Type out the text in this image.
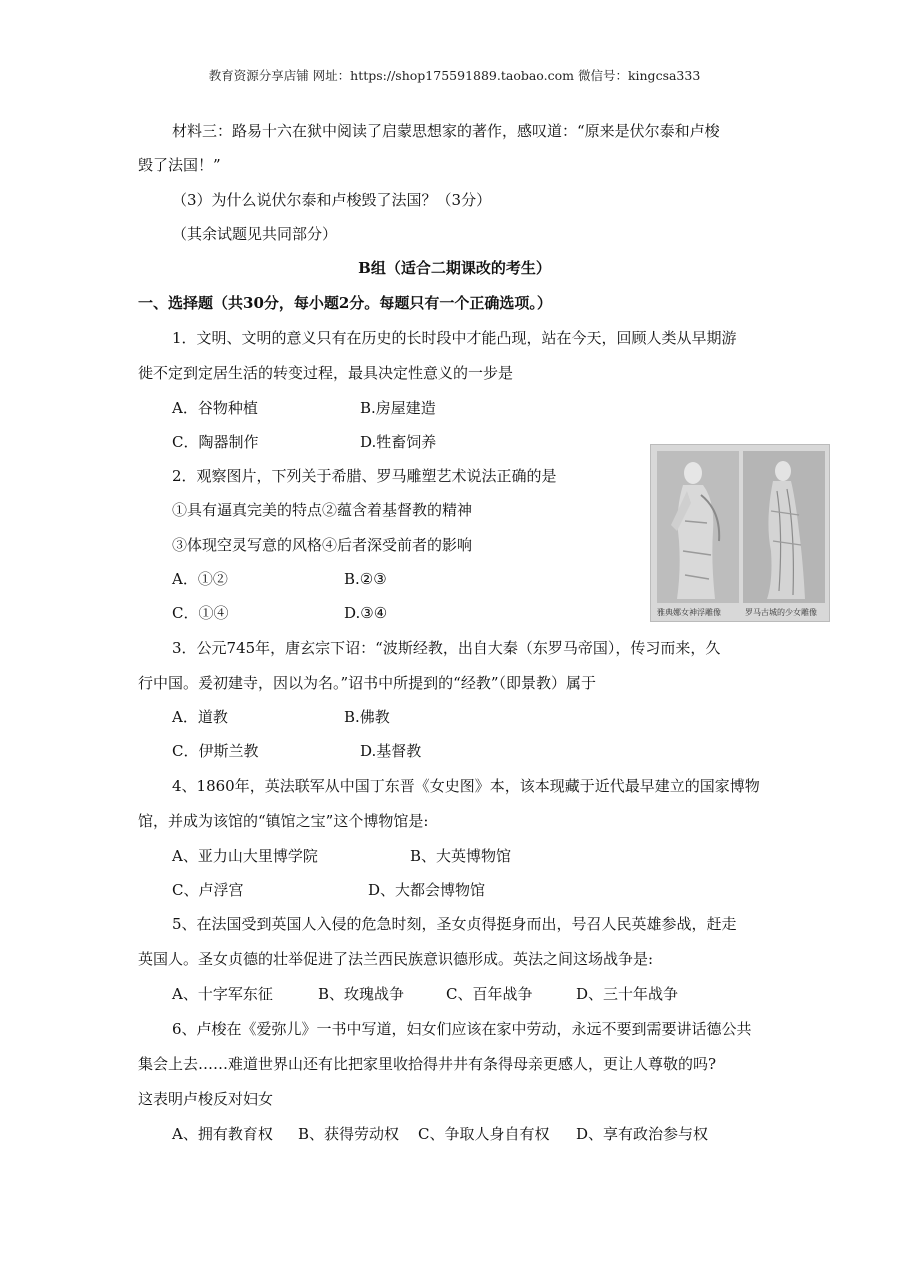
教育资源分享店铺 网址：https://shop175591889.taobao.com 微信号：kingcsa333
材料三：路易十六在狱中阅读了启蒙思想家的著作，感叹道：“原来是伏尔泰和卢梭
毁了法国！”
（3）为什么说伏尔泰和卢梭毁了法国？（3分）
（其余试题见共同部分）
B组（适合二期课改的考生）
一、选择题（共30分，每小题2分。每题只有一个正确选项。）
1．文明、文明的意义只有在历史的长时段中才能凸现，站在今天，回顾人类从早期游
徙不定到定居生活的转变过程，最具决定性意义的一步是
A．谷物种植	B.房屋建造
C．陶器制作	D.牲畜饲养
2．观察图片，下列关于希腊、罗马雕塑艺术说法正确的是
①具有逼真完美的特点②蕴含着基督教的精神
③体现空灵写意的风格④后者深受前者的影响
A．①②	B.②③
C．①④	D.③④	雅典娜女神浮雕像	罗马古城的少女雕像
3．公元745年，唐玄宗下诏：“波斯经教，出自大秦（东罗马帝国），传习而来，久
行中国。爰初建寺，因以为名。”诏书中所提到的“经教”（即景教）属于
A．道教	B.佛教
C．伊斯兰教	D.基督教
4、1860年，英法联军从中国丁东晋《女史图》本，该本现藏于近代最早建立的国家博物
馆，并成为该馆的“镇馆之宝”这个博物馆是:
A、亚力山大里博学院	B、大英博物馆
C、卢浮宫	D、大都会博物馆
5、在法国受到英国人入侵的危急时刻，圣女贞得挺身而出，号召人民英雄参战，赶走
英国人。圣女贞德的壮举促进了法兰西民族意识德形成。英法之间这场战争是:
A、十字军东征	B、玫瑰战争	C、百年战争	D、三十年战争
6、卢梭在《爱弥儿》一书中写道，妇女们应该在家中劳动，永远不要到需要讲话德公共
集会上去……难道世界山还有比把家里收拾得井井有条得母亲更感人，更让人尊敬的吗?
这表明卢梭反对妇女
A、拥有教育权 B、获得劳动权 C、争取人身自有权 D、享有政治参与权
